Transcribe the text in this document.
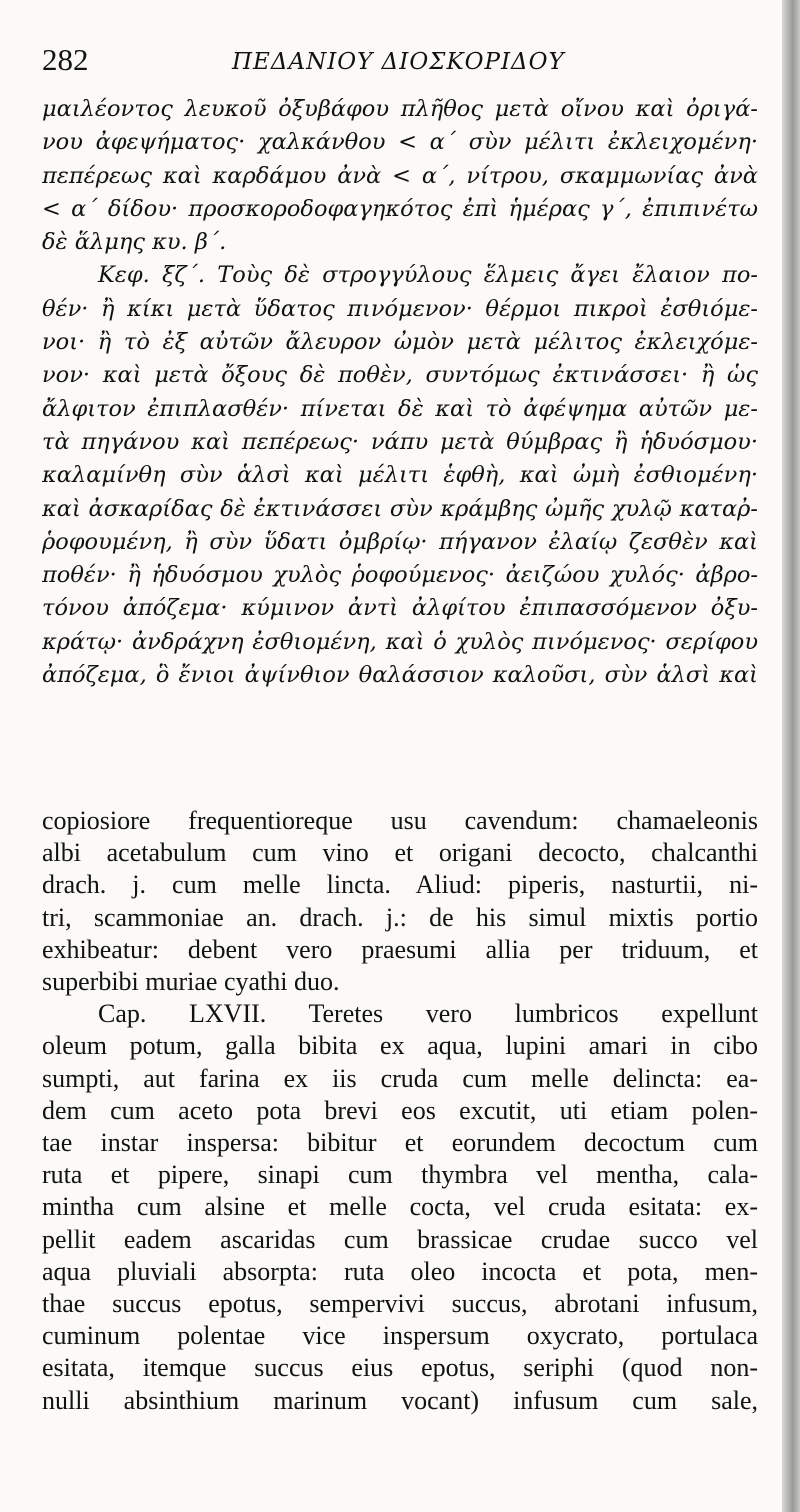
282	ΠΕΔΑΝΙΟΥ ΔΙΟΣΚΟΡΙΔΟΥ
μαιλέοντος λευκοῦ ὀξυβάφου πλῆθος μετὰ οἴνου καὶ ὀριγά-
νου ἀφεψήματος· χαλκάνθου < α΄ σὺν μέλιτι ἐκλειχομένη·
πεπέρεως καὶ καρδάμου ἀνὰ < α΄, νίτρου, σκαμμωνίας ἀνὰ
< α΄ δίδου· προσκοροδοφαγηκότος ἐπὶ ἡμέρας γ΄, ἐπιπινέτω
δὲ ἅλμης κυ. β΄.
Κεφ. ξζ΄. Τοὺς δὲ στρογγύλους ἕλμεις ἄγει ἔλαιον πο-
θέν· ἢ κίκι μετὰ ὕδατος πινόμενον· θέρμοι πικροὶ ἐσθιόμε-
νοι· ἢ τὸ ἐξ αὐτῶν ἄλευρον ὠμὸν μετὰ μέλιτος ἐκλειχόμε-
νον· καὶ μετὰ ὄξους δὲ ποθὲν, συντόμως ἐκτινάσσει· ἢ ὡς
ἄλφιτον ἐπιπλασθέν· πίνεται δὲ καὶ τὸ ἀφέψημα αὐτῶν με-
τὰ πηγάνου καὶ πεπέρεως· νάπυ μετὰ θύμβρας ἢ ἡδυόσμου·
καλαμίνθη σὺν ἁλσὶ καὶ μέλιτι ἑφθὴ, καὶ ὠμὴ ἐσθιομένη·
καὶ ἀσκαρίδας δὲ ἐκτινάσσει σὺν κράμβης ὠμῆς χυλῷ καταῤ-
ῥοφουμένη, ἢ σὺν ὕδατι ὀμβρίῳ· πήγανον ἐλαίῳ ζεσθὲν καὶ
ποθέν· ἢ ἡδυόσμου χυλὸς ῥοφούμενος· ἀειζώου χυλός· ἀβρο-
τόνου ἀπόζεμα· κύμινον ἀντὶ ἀλφίτου ἐπιπασσόμενον ὀξυ-
κράτῳ· ἀνδράχνη ἐσθιομένη, καὶ ὁ χυλὸς πινόμενος· σερίφου
ἀπόζεμα, ὃ ἔνιοι ἀψίνθιον θαλάσσιον καλοῦσι, σὺν ἁλσὶ καὶ
copiosiore frequentioreque usu cavendum: chamaeleonis
albi acetabulum cum vino et origani decocto, chalcanthi
drach. j. cum melle lincta. Aliud: piperis, nasturtii, ni-
tri, scammoniae an. drach. j.: de his simul mixtis portio
exhibeatur: debent vero praesumi allia per triduum, et
superbibi muriae cyathi duo.
Cap. LXVII. Teretes vero lumbricos expellunt
oleum potum, galla bibita ex aqua, lupini amari in cibo
sumpti, aut farina ex iis cruda cum melle delincta: ea-
dem cum aceto pota brevi eos excutit, uti etiam polen-
tae instar inspersa: bibitur et eorundem decoctum cum
ruta et pipere, sinapi cum thymbra vel mentha, cala-
mintha cum alsine et melle cocta, vel cruda esitata: ex-
pellit eadem ascaridas cum brassicae crudae succo vel
aqua pluviali absorpta: ruta oleo incocta et pota, men-
thae succus epotus, sempervivi succus, abrotani infusum,
cuminum polentae vice inspersum oxycrato, portulaca
esitata, itemque succus eius epotus, seriphi (quod non-
nulli absinthium marinum vocant) infusum cum sale,
